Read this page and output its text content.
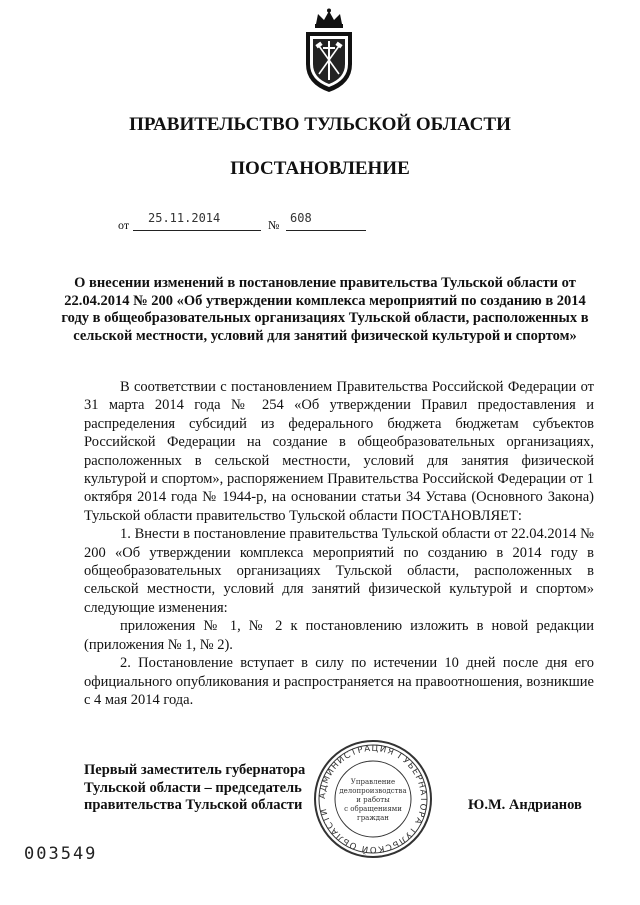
ПРАВИТЕЛЬСТВО ТУЛЬСКОЙ ОБЛАСТИ
ПОСТАНОВЛЕНИЕ
от 25.11.2014	№ 608
О внесении изменений в постановление правительства Тульской области от 22.04.2014 № 200 «Об утверждении комплекса мероприятий по созданию в 2014 году в общеобразовательных организациях Тульской области, расположенных в сельской местности, условий для занятий физической культурой и спортом»

В соответствии с постановлением Правительства Российской Федерации от 31 марта 2014 года № 254 «Об утверждении Правил предоставления и распределения субсидий из федерального бюджета бюджетам субъектов Российской Федерации на создание в общеобразовательных организациях, расположенных в сельской местности, условий для занятия физической культурой и спортом», распоряжением Правительства Российской Федерации от 1 октября 2014 года № 1944-р, на основании статьи 34 Устава (Основного Закона) Тульской области правительство Тульской области ПОСТАНОВЛЯЕТ:

1. Внести в постановление правительства Тульской области от 22.04.2014 № 200 «Об утверждении комплекса мероприятий по созданию в 2014 году в общеобразовательных организациях Тульской области, расположенных в сельской местности, условий для занятий физической культурой и спортом» следующие изменения:

приложения № 1, № 2 к постановлению изложить в новой редакции (приложения № 1, № 2).

2. Постановление вступает в силу по истечении 10 дней после дня его официального опубликования и распространяется на правоотношения, возникшие с 4 мая 2014 года.

АДМИНИСТРАЦИЯ ГУБЕРНАТОРА ТУЛЬСКОЙ ОБЛАСТИ
Управление
делопроизводства
и работы
с обращениями
граждан
Первый заместитель губернатора
Тульской области – председатель
правительства Тульской области	Ю.М. Андрианов
003549
